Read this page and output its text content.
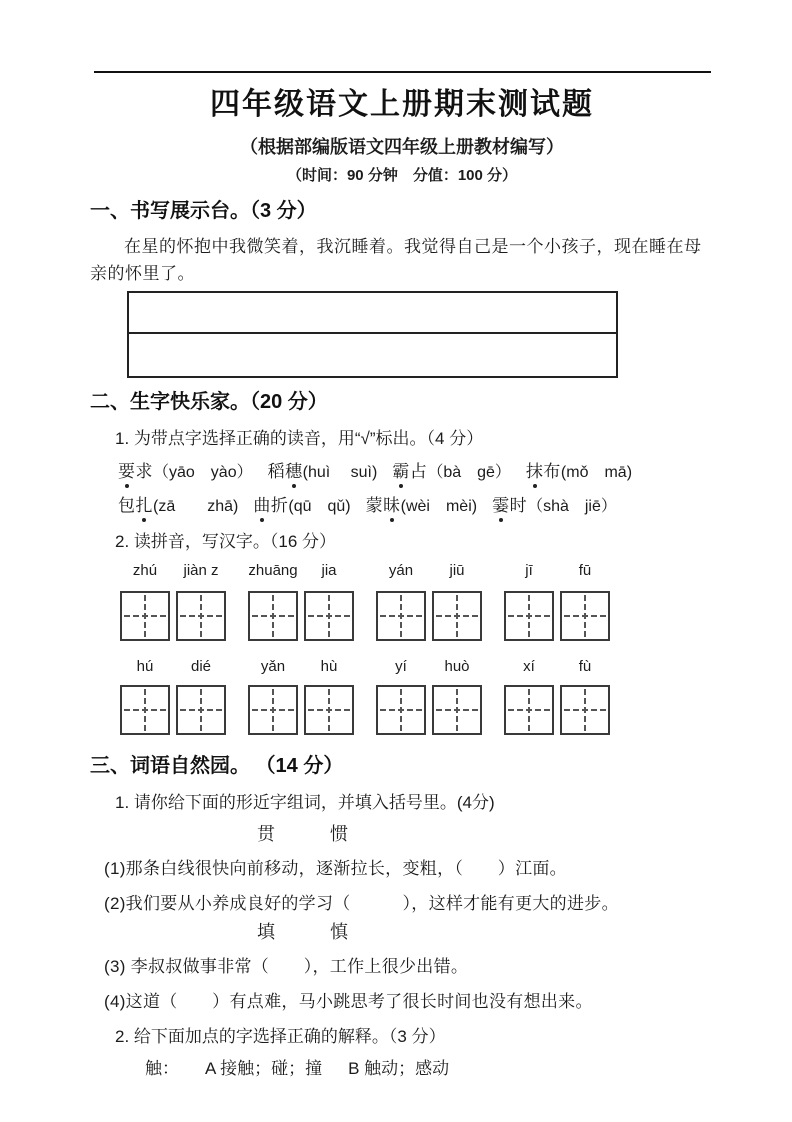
四年级语文上册期末测试题
（根据部编版语文四年级上册教材编写）
（时间：90 分钟　分值：100 分）
一、书写展示台。（3 分）
在星的怀抱中我微笑着，我沉睡着。我觉得自己是一个小孩子，现在睡在母亲的怀里了。
二、生字快乐家。（20 分）
1. 为带点字选择正确的读音，用“√”标出。（4 分）
要求 （yāo　yào） 稻穗 (huì　 suì) 霸占 （bà　gē） 抹布 (mǒ　mā)
包扎 (zā　　zhā) 曲折 (qū　qǔ) 蒙昧 (wèi　mèi) 霎时 （shà　jiē）
2. 读拼音，写汉字。（16 分）
zhú	jiàn z	zhuāng	jia	yán	jiū	jī	fū
hú	dié	yǎn	hù	yí	huò	xí	fù
三、词语自然园。 （14 分）
1. 请你给下面的形近字组词，并填入括号里。(4分)
贯	惯
(1)那条白线很快向前移动，逐渐拉长，变粗，（　　）江面。
(2)我们要从小养成良好的学习（　　　），这样才能有更大的进步。
填	慎
(3) 李叔叔做事非常（　　），工作上很少出错。
(4)这道（　　）有点难，马小跳思考了很长时间也没有想出来。
2. 给下面加点的字选择正确的解释。（3 分）
触： A 接触；碰；撞 B 触动；感动
